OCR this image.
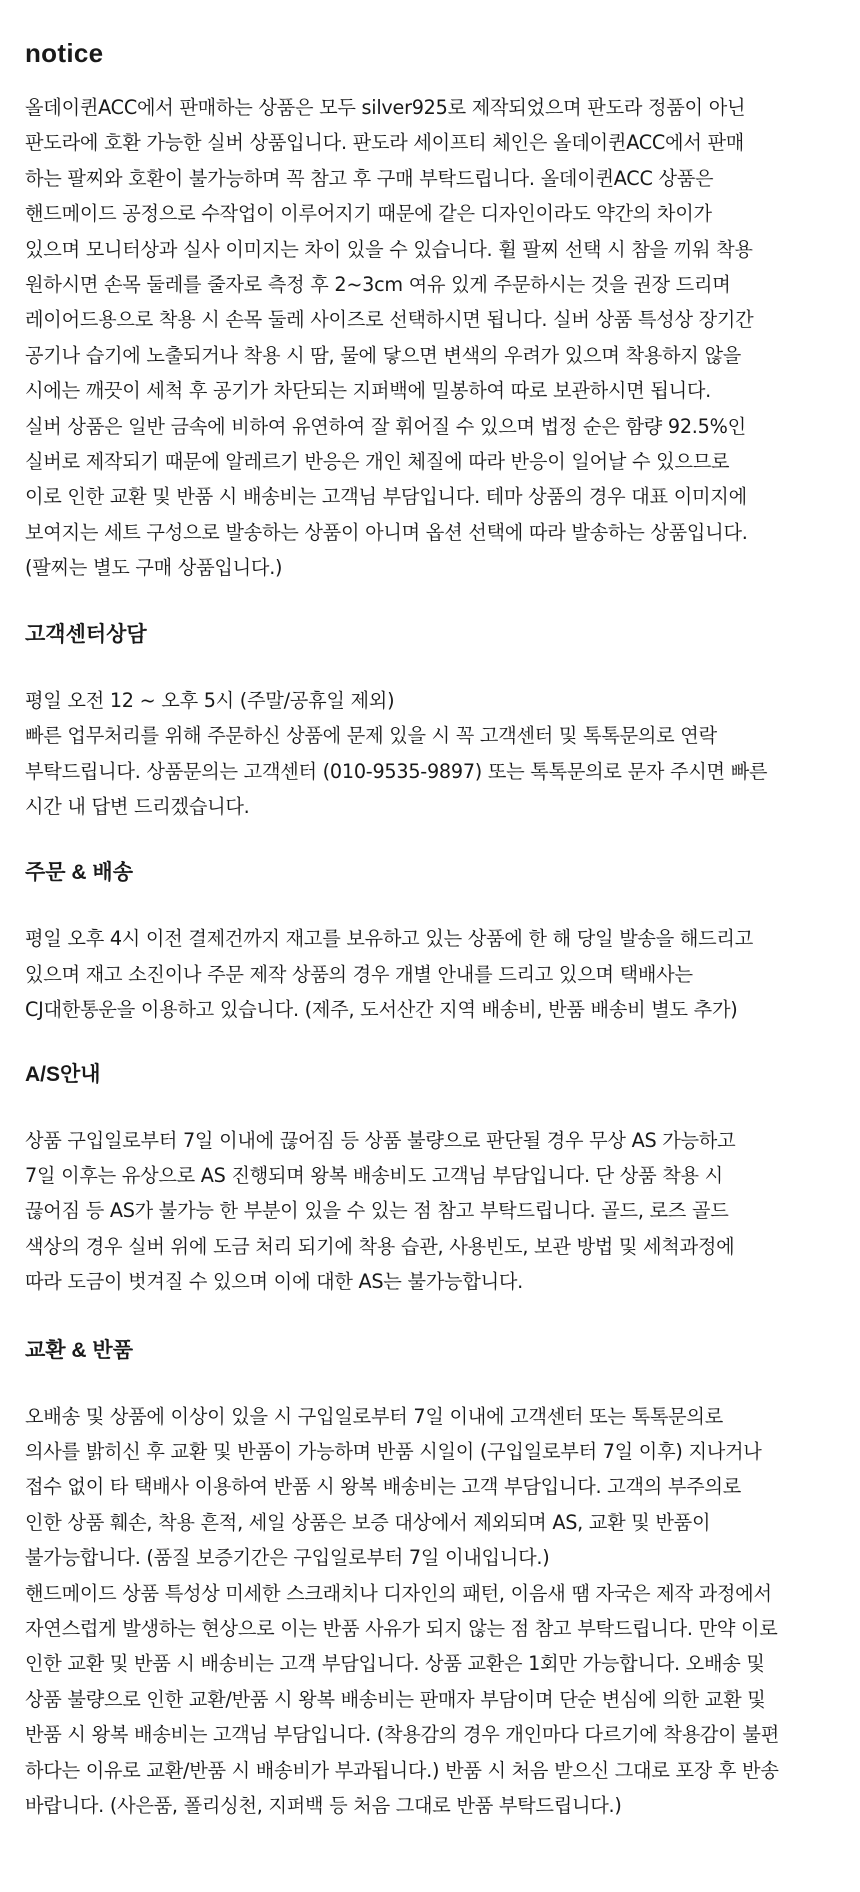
notice
올데이퀸ACC에서 판매하는 상품은 모두 silver925로 제작되었으며 판도라 정품이 아닌
판도라에 호환 가능한 실버 상품입니다. 판도라 세이프티 체인은 올데이퀸ACC에서 판매
하는 팔찌와 호환이 불가능하며 꼭 참고 후 구매 부탁드립니다. 올데이퀸ACC 상품은
핸드메이드 공정으로 수작업이 이루어지기 때문에 같은 디자인이라도 약간의 차이가
있으며 모니터상과 실사 이미지는 차이 있을 수 있습니다. 휠 팔찌 선택 시 참을 끼워 착용
원하시면 손목 둘레를 줄자로 측정 후 2~3cm 여유 있게 주문하시는 것을 권장 드리며
레이어드용으로 착용 시 손목 둘레 사이즈로 선택하시면 됩니다. 실버 상품 특성상 장기간
공기나 습기에 노출되거나 착용 시 땀, 물에 닿으면 변색의 우려가 있으며 착용하지 않을
시에는 깨끗이 세척 후 공기가 차단되는 지퍼백에 밀봉하여 따로 보관하시면 됩니다.
실버 상품은 일반 금속에 비하여 유연하여 잘 휘어질 수 있으며 법정 순은 함량 92.5%인
실버로 제작되기 때문에 알레르기 반응은 개인 체질에 따라 반응이 일어날 수 있으므로
이로 인한 교환 및 반품 시 배송비는 고객님 부담입니다. 테마 상품의 경우 대표 이미지에
보여지는 세트 구성으로 발송하는 상품이 아니며 옵션 선택에 따라 발송하는 상품입니다.
(팔찌는 별도 구매 상품입니다.)
고객센터상담
평일 오전 12 ~ 오후 5시 (주말/공휴일 제외)
빠른 업무처리를 위해 주문하신 상품에 문제 있을 시 꼭 고객센터 및 톡톡문의로 연락
부탁드립니다. 상품문의는 고객센터 (010-9535-9897) 또는 톡톡문의로 문자 주시면 빠른
시간 내 답변 드리겠습니다.
주문 & 배송
평일 오후 4시 이전 결제건까지 재고를 보유하고 있는 상품에 한 해 당일 발송을 해드리고
있으며 재고 소진이나 주문 제작 상품의 경우 개별 안내를 드리고 있으며 택배사는
CJ대한통운을 이용하고 있습니다. (제주, 도서산간 지역 배송비, 반품 배송비 별도 추가)
A/S안내
상품 구입일로부터 7일 이내에 끊어짐 등 상품 불량으로 판단될 경우 무상 AS 가능하고
7일 이후는 유상으로 AS 진행되며 왕복 배송비도 고객님 부담입니다. 단 상품 착용 시
끊어짐 등 AS가 불가능 한 부분이 있을 수 있는 점 참고 부탁드립니다. 골드, 로즈 골드
색상의 경우 실버 위에 도금 처리 되기에 착용 습관, 사용빈도, 보관 방법 및 세척과정에
따라 도금이 벗겨질 수 있으며 이에 대한 AS는 불가능합니다.
교환 & 반품
오배송 및 상품에 이상이 있을 시 구입일로부터 7일 이내에 고객센터 또는 톡톡문의로
의사를 밝히신 후 교환 및 반품이 가능하며 반품 시일이 (구입일로부터 7일 이후) 지나거나
접수 없이 타 택배사 이용하여 반품 시 왕복 배송비는 고객 부담입니다. 고객의 부주의로
인한 상품 훼손, 착용 흔적, 세일 상품은 보증 대상에서 제외되며 AS, 교환 및 반품이
불가능합니다. (품질 보증기간은 구입일로부터 7일 이내입니다.)
핸드메이드 상품 특성상 미세한 스크래치나 디자인의 패턴, 이음새 땜 자국은 제작 과정에서
자연스럽게 발생하는 현상으로 이는 반품 사유가 되지 않는 점 참고 부탁드립니다. 만약 이로
인한 교환 및 반품 시 배송비는 고객 부담입니다. 상품 교환은 1회만 가능합니다. 오배송 및
상품 불량으로 인한 교환/반품 시 왕복 배송비는 판매자 부담이며 단순 변심에 의한 교환 및
반품 시 왕복 배송비는 고객님 부담입니다. (착용감의 경우 개인마다 다르기에 착용감이 불편
하다는 이유로 교환/반품 시 배송비가 부과됩니다.) 반품 시 처음 받으신 그대로 포장 후 반송
바랍니다. (사은품, 폴리싱천, 지퍼백 등 처음 그대로 반품 부탁드립니다.)
